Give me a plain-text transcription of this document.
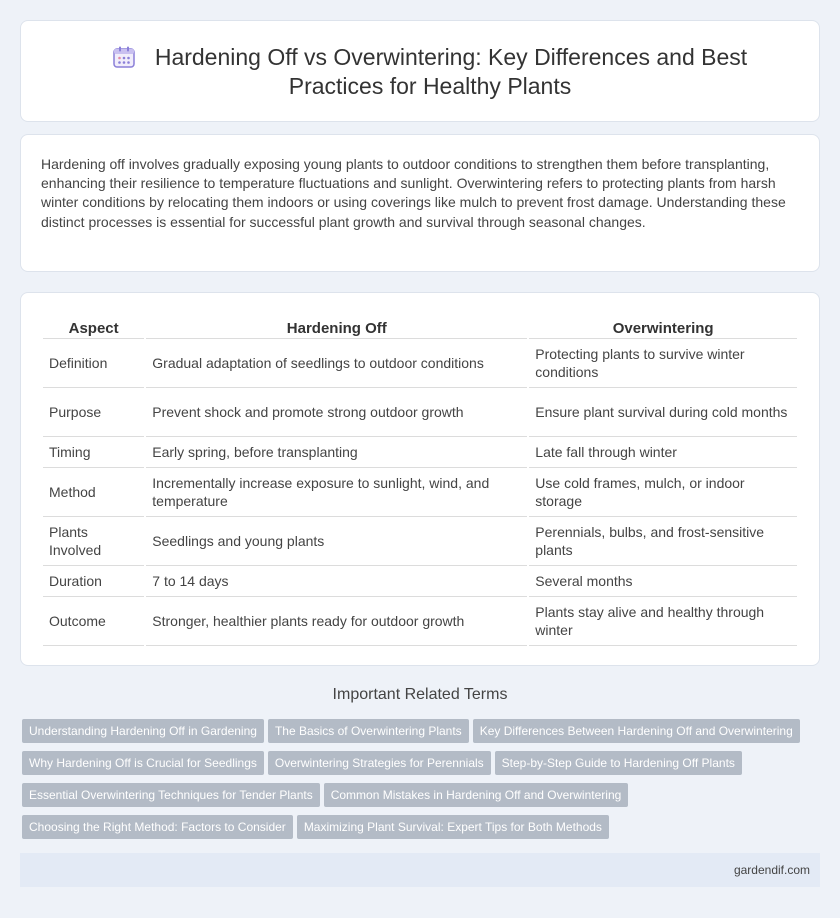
Hardening Off vs Overwintering: Key Differences and Best Practices for Healthy Plants

Hardening off involves gradually exposing young plants to outdoor conditions to strengthen them before transplanting, enhancing their resilience to temperature fluctuations and sunlight. Overwintering refers to protecting plants from harsh winter conditions by relocating them indoors or using coverings like mulch to prevent frost damage. Understanding these distinct processes is essential for successful plant growth and survival through seasonal changes.

Aspect	Hardening Off	Overwintering
Definition	Gradual adaptation of seedlings to outdoor conditions	Protecting plants to survive winter conditions
Purpose	Prevent shock and promote strong outdoor growth	Ensure plant survival during cold months
Timing	Early spring, before transplanting	Late fall through winter
Method	Incrementally increase exposure to sunlight, wind, and temperature	Use cold frames, mulch, or indoor storage
Plants Involved	Seedlings and young plants	Perennials, bulbs, and frost-sensitive plants
Duration	7 to 14 days	Several months
Outcome	Stronger, healthier plants ready for outdoor growth	Plants stay alive and healthy through winter
Important Related Terms
Understanding Hardening Off in Gardening The Basics of Overwintering Plants Key Differences Between Hardening Off and Overwintering
Why Hardening Off is Crucial for Seedlings Overwintering Strategies for Perennials Step-by-Step Guide to Hardening Off Plants
Essential Overwintering Techniques for Tender Plants Common Mistakes in Hardening Off and Overwintering
Choosing the Right Method: Factors to Consider Maximizing Plant Survival: Expert Tips for Both Methods
gardendif.com
